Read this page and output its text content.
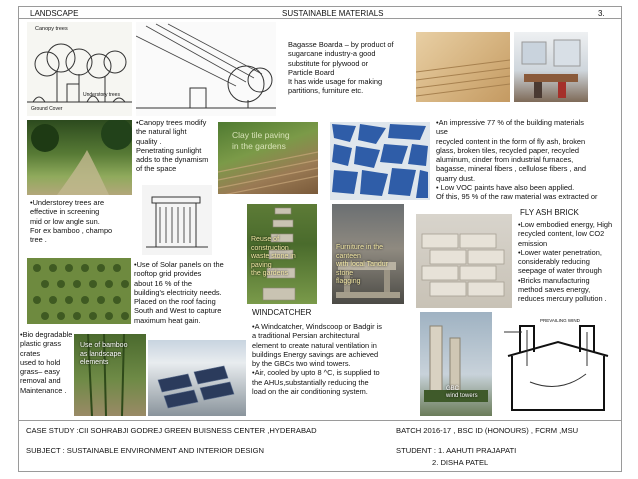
LANDSCAPE	SUSTAINABLE MATERIALS	3.
Canopy trees
Understory trees
Ground Cover
•Canopy trees modify
the natural light
quality .
Penetrating sunlight
adds to the dynamism
of the space
Clay tile paving
in the gardens
•An impressive 77 % of the building materials
use
recycled content in the form of fly ash, broken
glass, broken tiles, recycled paper, recycled
aluminum, cinder from industrial furnaces,
bagasse, mineral fibers , cellulose fibers , and
quarry dust.
• Low VOC paints have also been applied.
Of this, 95 % of the raw material was extracted or
Bagasse Boarda – by product of
sugarcane industry-a good
substitute for plywood or
Particle Board
It has wide usage for making
partitions, furniture etc.
•Understorey trees are
effective in screening
mid or low angle sun.
For ex bamboo , champo
tree .
•Use of Solar panels on the
rooftop grid provides
about 16 % of the
building's electricity needs.
Placed on the roof facing
South and West to capture
maximum heat gain.
Reuse of
construction
waste stone in
paving
the gardens
Furniture in the
canteen
with local Tandur
stone
flagging
FLY ASH BRICK
•Low embodied energy, High
recycled content, low CO2
emission
•Lower water penetration,
considerably reducing
seepage of water through
•Bricks manufacturing
method saves energy,
reduces mercury pollution .
WINDCATCHER
•A Windcatcher, Windscoop or Badgir is
a traditional Persian architectural
element to create natural ventilation in
buildings Energy savings are achieved
by the GBCs two wind towers.
•Air, cooled by upto 8 ^C, is supplied to
the AHUs,substantially reducing the
load on the air conditioning system.	GBC
wind towers
PREVAILING WIND
•Bio degradable
plastic grass
crates
used to hold
grass– easy
removal and
Maintenance .
Use of bamboo
as landscape
elements
CASE STUDY :CII SOHRABJI GODREJ GREEN BUISNESS CENTER ,HYDERABAD
SUBJECT : SUSTAINABLE ENVIRONMENT AND INTERIOR DESIGN
BATCH 2016-17 , BSC ID (HONOURS) , FCRM ,MSU
STUDENT : 1. AAHUTI PRAJAPATI
2. DISHA PATEL
